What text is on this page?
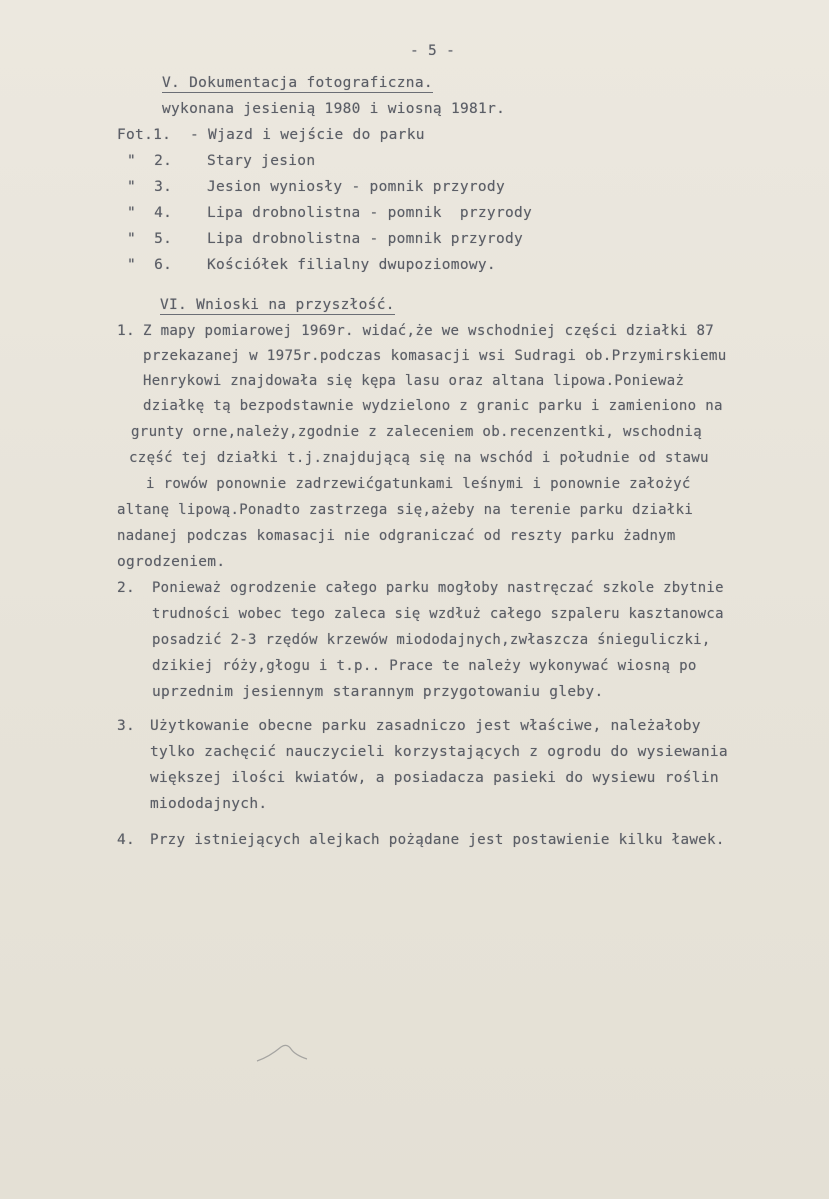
- 5 -
V. Dokumentacja fotograficzna.
wykonana jesienią 1980 i wiosną 1981r.
Fot.1. - Wjazd i wejście do parku
"  2. Stary jesion
"  3. Jesion wyniosły - pomnik przyrody
"  4. Lipa drobnolistna - pomnik  przyrody
"  5. Lipa drobnolistna - pomnik przyrody
"  6. Kościółek filialny dwupoziomowy.
VI. Wnioski na przyszłość.
1. Z mapy pomiarowej 1969r. widać,że we wschodniej części działki 87
przekazanej w 1975r.podczas komasacji wsi Sudragi ob.Przymirskiemu
Henrykowi znajdowała się kępa lasu oraz altana lipowa.Ponieważ
działkę tą bezpodstawnie wydzielono z granic parku i zamieniono na
grunty orne,należy,zgodnie z zaleceniem ob.recenzentki, wschodnią
część tej działki t.j.znajdującą się na wschód i południe od stawu
i rowów ponownie zadrzewićgatunkami leśnymi i ponownie założyć
altanę lipową.Ponadto zastrzega się,ażeby na terenie parku działki
nadanej podczas komasacji nie odgraniczać od reszty parku żadnym
ogrodzeniem.
2. Ponieważ ogrodzenie całego parku mogłoby nastręczać szkole zbytnie
trudności wobec tego zaleca się wzdłuż całego szpaleru kasztanowca
posadzić 2-3 rzędów krzewów miododajnych,zwłaszcza śnieguliczki,
dzikiej róży,głogu i t.p.. Prace te należy wykonywać wiosną po
uprzednim jesiennym starannym przygotowaniu gleby.
3. Użytkowanie obecne parku zasadniczo jest właściwe, należałoby
tylko zachęcić nauczycieli korzystających z ogrodu do wysiewania
większej ilości kwiatów, a posiadacza pasieki do wysiewu roślin
miododajnych.
4. Przy istniejących alejkach pożądane jest postawienie kilku ławek.
